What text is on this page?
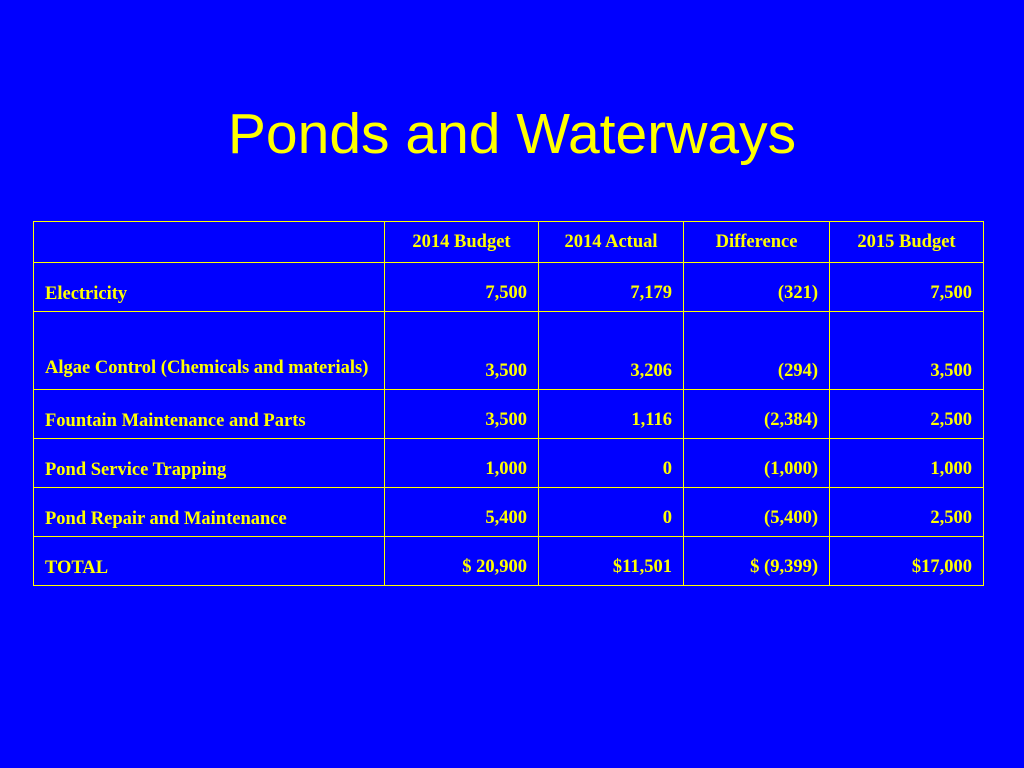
Ponds and Waterways
	2014 Budget	2014 Actual	Difference	2015 Budget
Electricity	7,500	7,179	(321)	7,500

Algae Control (Chemicals and materials)	3,500	3,206	(294)	3,500
Fountain Maintenance and Parts	3,500	1,116	(2,384)	2,500
Pond Service Trapping	1,000	0	(1,000)	1,000
Pond Repair and Maintenance	5,400	0	(5,400)	2,500
TOTAL	$ 20,900	$11,501	$ (9,399)	$17,000
